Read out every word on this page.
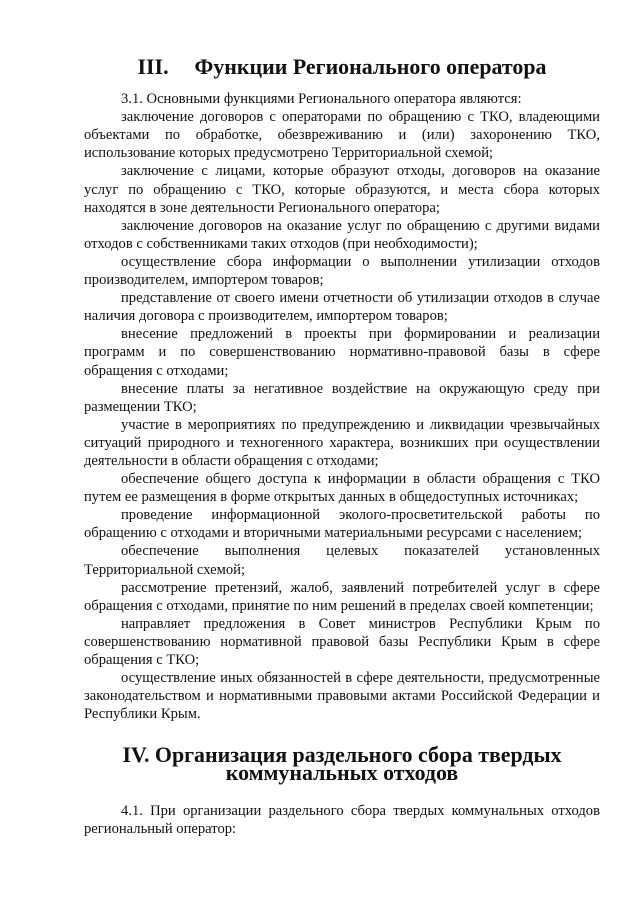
III. Функции Регионального оператора

3.1. Основными функциями Регионального оператора являются:

заключение договоров с операторами по обращению с ТКО, владеющими объектами по обработке, обезвреживанию и (или) захоронению ТКО, использование которых предусмотрено Территориальной схемой;

заключение с лицами, которые образуют отходы, договоров на оказание услуг по обращению с ТКО, которые образуются, и места сбора которых находятся в зоне деятельности Регионального оператора;

заключение договоров на оказание услуг по обращению с другими видами отходов с собственниками таких отходов (при необходимости);

осуществление сбора информации о выполнении утилизации отходов производителем, импортером товаров;

представление от своего имени отчетности об утилизации отходов в случае наличия договора с производителем, импортером товаров;

внесение предложений в проекты при формировании и реализации программ и по совершенствованию нормативно-правовой базы в сфере обращения с отходами;

внесение платы за негативное воздействие на окружающую среду при размещении ТКО;

участие в мероприятиях по предупреждению и ликвидации чрезвычайных ситуаций природного и техногенного характера, возникших при осуществлении деятельности в области обращения с отходами;

обеспечение общего доступа к информации в области обращения с ТКО путем ее размещения в форме открытых данных в общедоступных источниках;

проведение информационной эколого-просветительской работы по обращению с отходами и вторичными материальными ресурсами с населением;

обеспечение выполнения целевых показателей установленных Территориальной схемой;

рассмотрение претензий, жалоб, заявлений потребителей услуг в сфере обращения с отходами, принятие по ним решений в пределах своей компетенции;

направляет предложения в Совет министров Республики Крым по совершенствованию нормативной правовой базы Республики Крым в сфере обращения с ТКО;

осуществление иных обязанностей в сфере деятельности, предусмотренные законодательством и нормативными правовыми актами Российской Федерации и Республики Крым.

IV. Организация раздельного сбора твердых коммунальных отходов

4.1. При организации раздельного сбора твердых коммунальных отходов региональный оператор:
